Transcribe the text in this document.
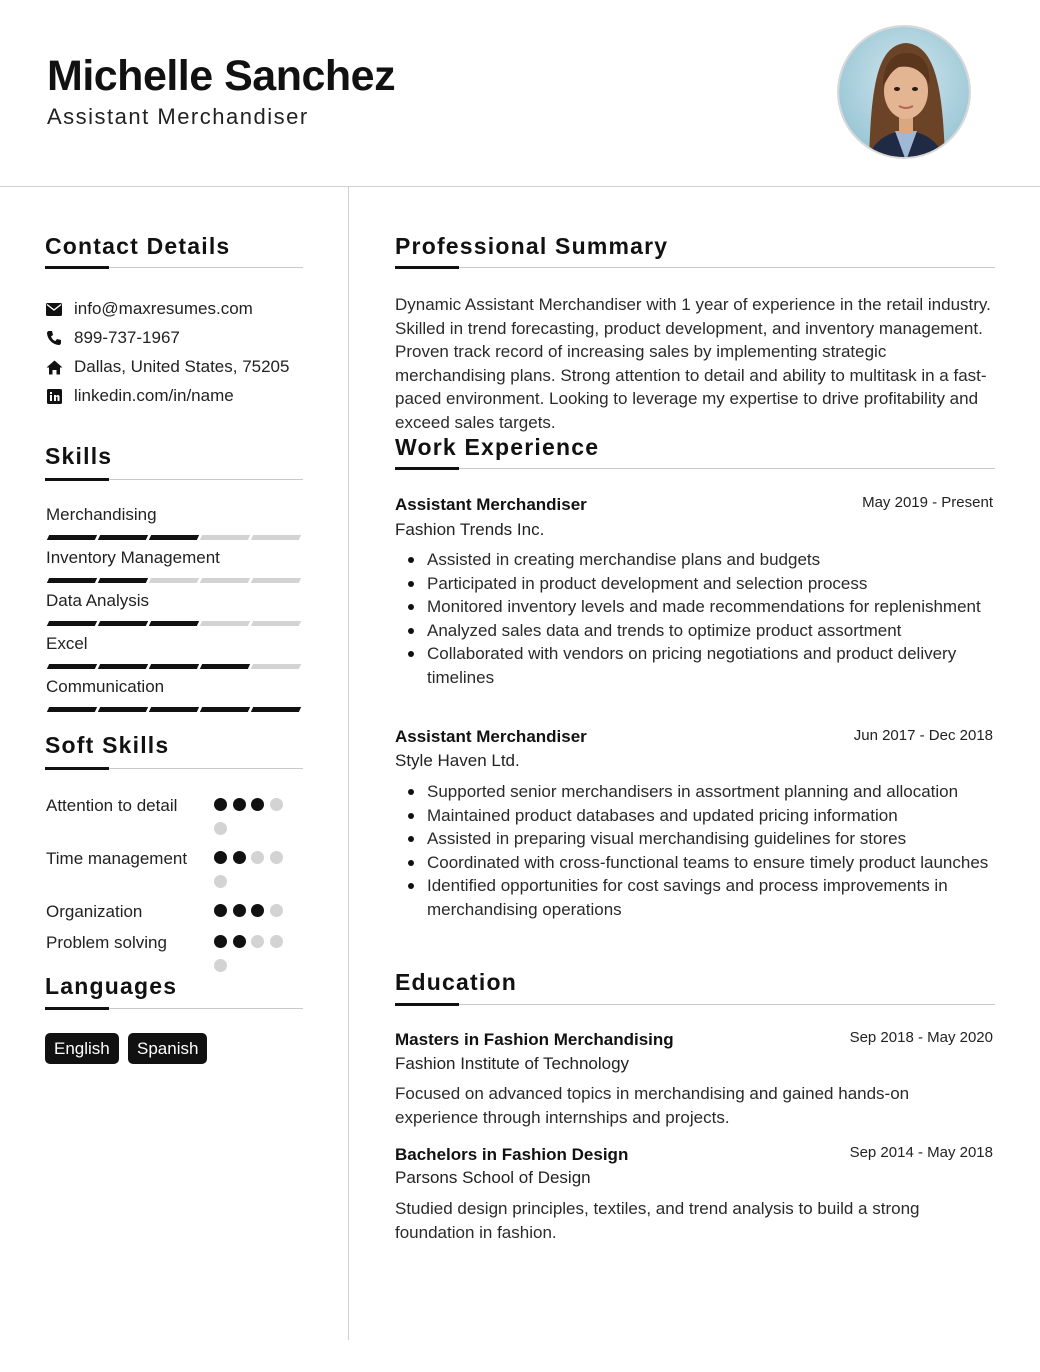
Michelle Sanchez
Assistant Merchandiser
Contact Details
info@maxresumes.com
899-737-1967
Dallas, United States, 75205
linkedin.com/in/name
Skills
Merchandising
Inventory Management
Data Analysis
Excel
Communication
Soft Skills
Attention to detail
Time management
Organization
Problem solving
Languages
English	Spanish
Professional Summary
Dynamic Assistant Merchandiser with 1 year of experience in the retail industry. Skilled in trend forecasting, product development, and inventory management. Proven track record of increasing sales by implementing strategic merchandising plans. Strong attention to detail and ability to multitask in a fast-paced environment. Looking to leverage my expertise to drive profitability and exceed sales targets.
Work Experience
Assistant Merchandiser	May 2019 - Present
Fashion Trends Inc.
Assisted in creating merchandise plans and budgets
Participated in product development and selection process
Monitored inventory levels and made recommendations for replenishment
Analyzed sales data and trends to optimize product assortment
Collaborated with vendors on pricing negotiations and product delivery timelines
Assistant Merchandiser	Jun 2017 - Dec 2018
Style Haven Ltd.
Supported senior merchandisers in assortment planning and allocation
Maintained product databases and updated pricing information
Assisted in preparing visual merchandising guidelines for stores
Coordinated with cross-functional teams to ensure timely product launches
Identified opportunities for cost savings and process improvements in merchandising operations
Education
Masters in Fashion Merchandising	Sep 2018 - May 2020
Fashion Institute of Technology
Focused on advanced topics in merchandising and gained hands-on experience through internships and projects.
Bachelors in Fashion Design	Sep 2014 - May 2018
Parsons School of Design
Studied design principles, textiles, and trend analysis to build a strong foundation in fashion.
